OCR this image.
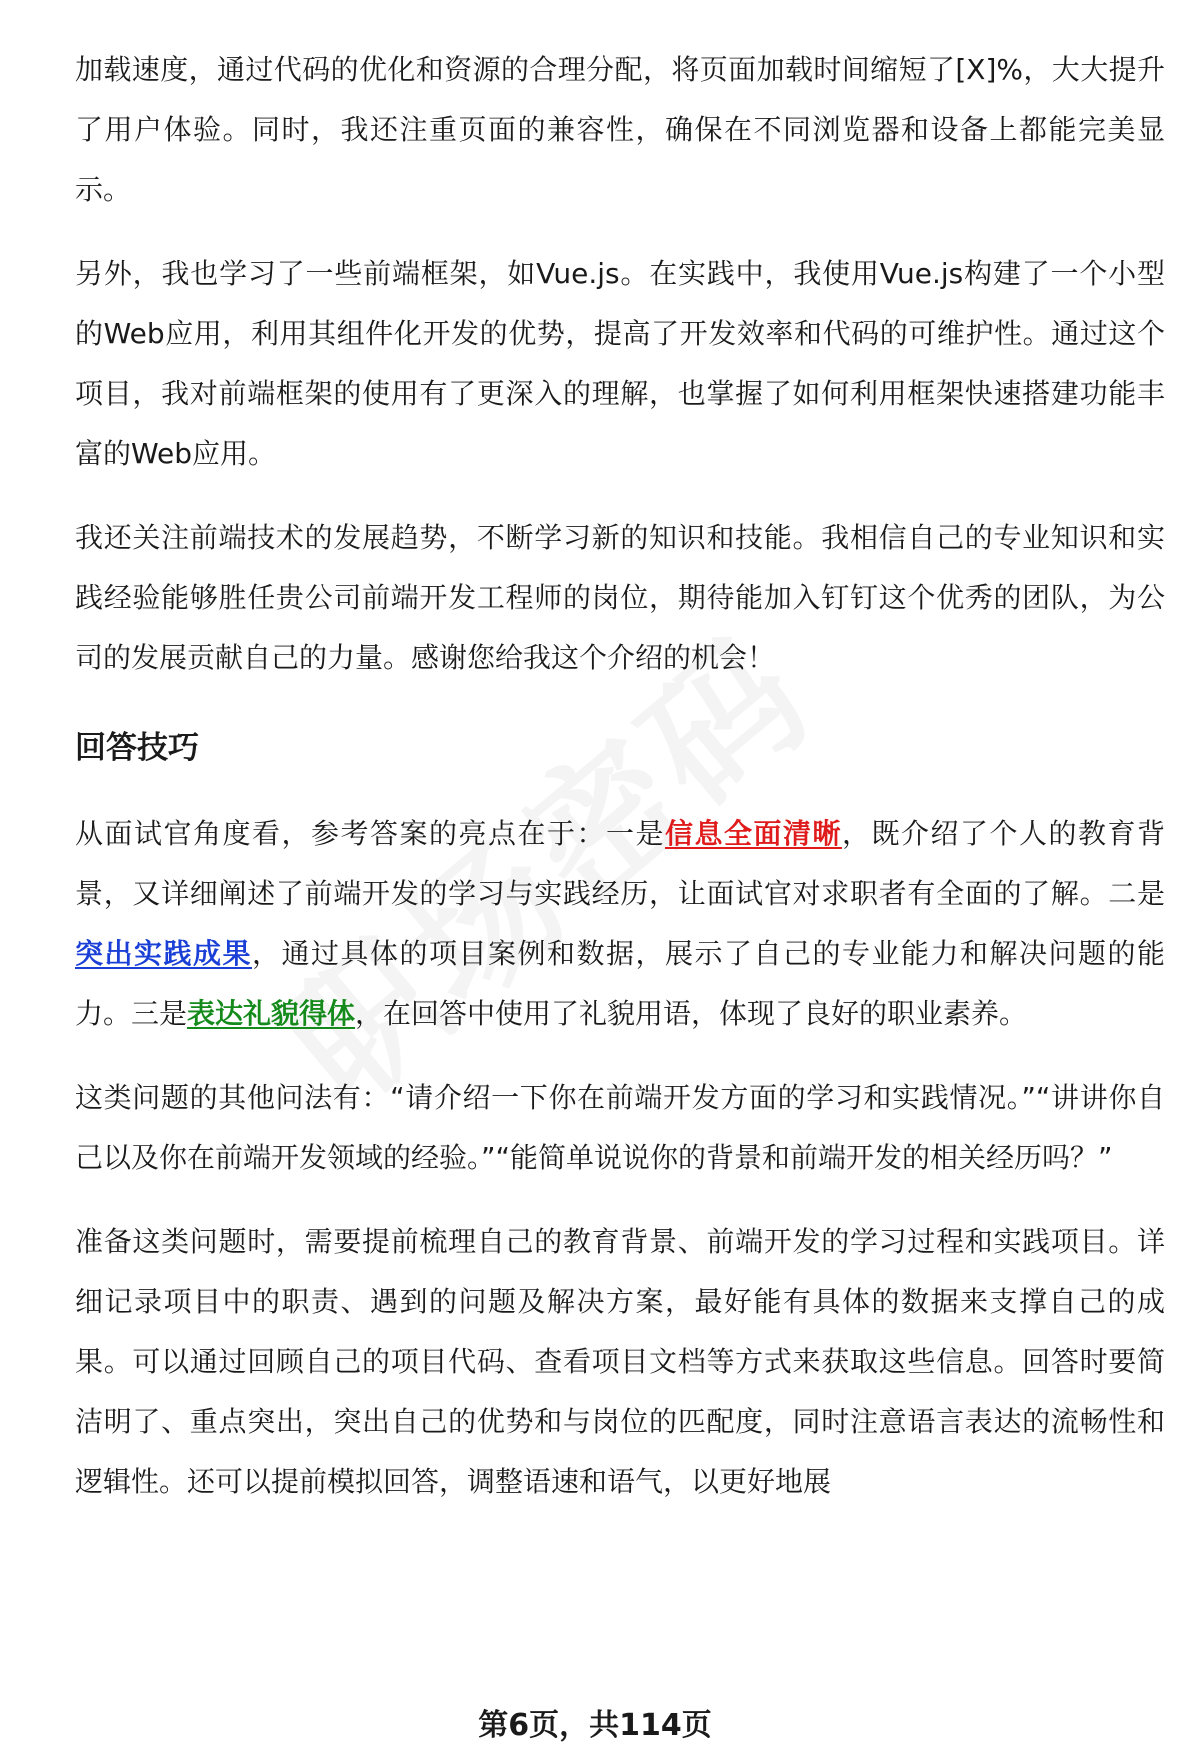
加载速度，通过代码的优化和资源的合理分配，将页面加载时间缩短了[X]%，大大提升了用户体验。同时，我还注重页面的兼容性，确保在不同浏览器和设备上都能完美显示。

另外，我也学习了一些前端框架，如Vue.js。在实践中，我使用Vue.js构建了一个小型的Web应用，利用其组件化开发的优势，提高了开发效率和代码的可维护性。通过这个项目，我对前端框架的使用有了更深入的理解，也掌握了如何利用框架快速搭建功能丰富的Web应用。

我还关注前端技术的发展趋势，不断学习新的知识和技能。我相信自己的专业知识和实践经验能够胜任贵公司前端开发工程师的岗位，期待能加入钉钉这个优秀的团队，为公司的发展贡献自己的力量。感谢您给我这个介绍的机会！

回答技巧

从面试官角度看，参考答案的亮点在于：一是信息全面清晰，既介绍了个人的教育背景，又详细阐述了前端开发的学习与实践经历，让面试官对求职者有全面的了解。二是突出实践成果，通过具体的项目案例和数据，展示了自己的专业能力和解决问题的能力。三是表达礼貌得体，在回答中使用了礼貌用语，体现了良好的职业素养。

这类问题的其他问法有：“请介绍一下你在前端开发方面的学习和实践情况。”“讲讲你自己以及你在前端开发领域的经验。”“能简单说说你的背景和前端开发的相关经历吗？”

准备这类问题时，需要提前梳理自己的教育背景、前端开发的学习过程和实践项目。详细记录项目中的职责、遇到的问题及解决方案，最好能有具体的数据来支撑自己的成果。可以通过回顾自己的项目代码、查看项目文档等方式来获取这些信息。回答时要简洁明了、重点突出，突出自己的优势和与岗位的匹配度，同时注意语言表达的流畅性和逻辑性。还可以提前模拟回答，调整语速和语气，以更好地展

第6页，共114页
